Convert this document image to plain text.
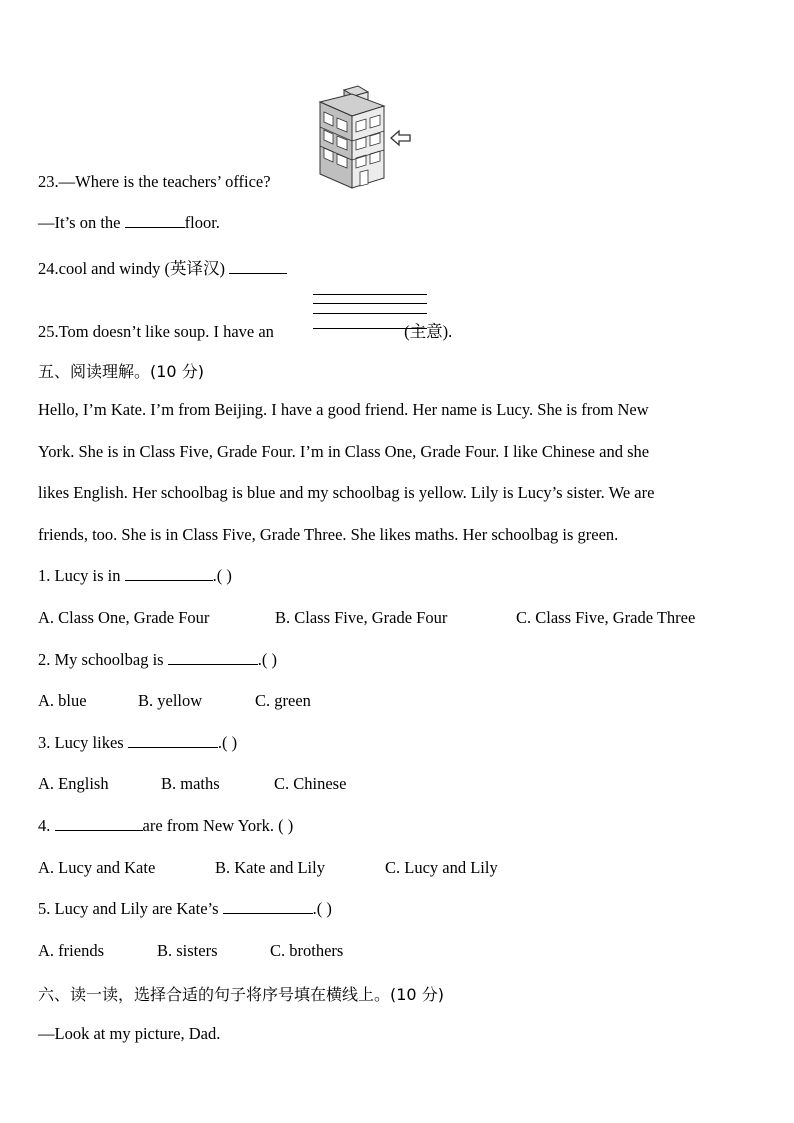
23.—Where is the teachers’ office?
—It’s on the	floor.
24.cool and windy (英译汉)
25.Tom doesn’t like soup. I have an	(主意).
五、阅读理解。(10 分)
Hello, I’m Kate. I’m from Beijing. I have a good friend. Her name is Lucy. She is from New
York. She is in Class Five, Grade Four. I’m in Class One, Grade Four. I like Chinese and she
likes English. Her schoolbag is blue and my schoolbag is yellow. Lily is Lucy’s sister. We are
friends, too. She is in Class Five, Grade Three. She likes maths. Her schoolbag is green.
1. Lucy is in	.( )
A. Class One, Grade Four	B. Class Five, Grade Four	C. Class Five, Grade Three
2. My schoolbag is	.( )
A. blue	B. yellow	C. green
3. Lucy likes	.( )
A. English	B. maths	C. Chinese
4.	are from New York. ( )
A. Lucy and Kate	B. Kate and Lily	C. Lucy and Lily
5. Lucy and Lily are Kate’s	.( )
A. friends	B. sisters	C. brothers
六、读一读，选择合适的句子将序号填在横线上。(10 分)
—Look at my picture, Dad.
